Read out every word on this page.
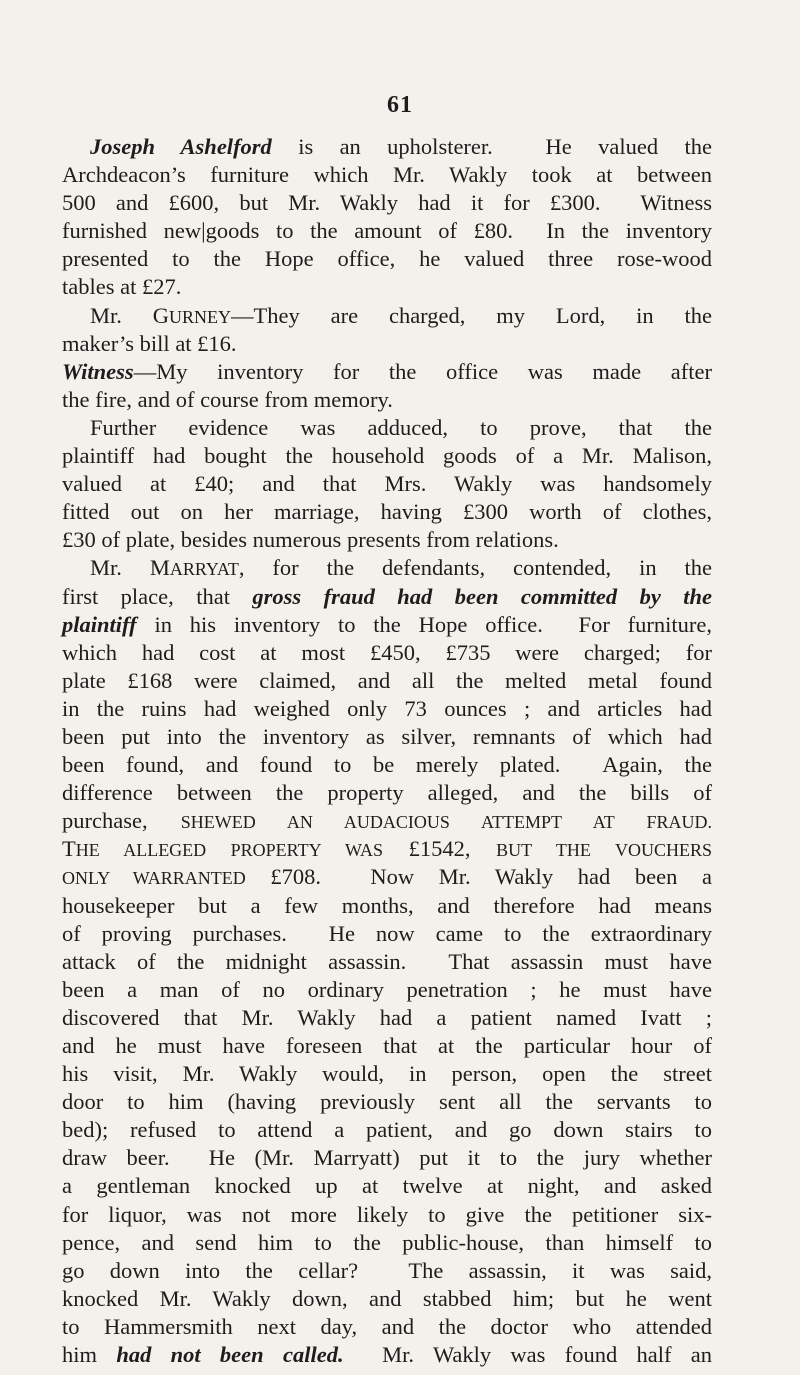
61
Joseph Ashelford is an upholsterer.  He valued the
Archdeacon’s furniture which Mr. Wakly took at between
500 and £600, but Mr. Wakly had it for £300.  Witness
furnished new|goods to the amount of £80.  In the inventory
presented to the Hope office, he valued three rose-wood
tables at £27.
Mr. GURNEY—They are charged, my Lord, in the
maker’s bill at £16.
Witness—My inventory for the office was made after
the fire, and of course from memory.
Further evidence was adduced, to prove, that the
plaintiff had bought the household goods of a Mr. Malison,
valued at £40; and that Mrs. Wakly was handsomely
fitted out on her marriage, having £300 worth of clothes,
£30 of plate, besides numerous presents from relations.
Mr. MARRYAT, for the defendants, contended, in the
first place, that gross fraud had been committed by the
plaintiff in his inventory to the Hope office.  For furniture,
which had cost at most £450, £735 were charged; for
plate £168 were claimed, and all the melted metal found
in the ruins had weighed only 73 ounces ; and articles had
been put into the inventory as silver, remnants of which had
been found, and found to be merely plated.  Again, the
difference between the property alleged, and the bills of
purchase, SHEWED AN AUDACIOUS ATTEMPT AT FRAUD.
THE ALLEGED PROPERTY WAS £1542, BUT THE VOUCHERS
ONLY WARRANTED £708.  Now Mr. Wakly had been a
housekeeper but a few months, and therefore had means
of proving purchases.  He now came to the extraordinary
attack of the midnight assassin.  That assassin must have
been a man of no ordinary penetration ; he must have
discovered that Mr. Wakly had a patient named Ivatt ;
and he must have foreseen that at the particular hour of
his visit, Mr. Wakly would, in person, open the street
door to him (having previously sent all the servants to
bed); refused to attend a patient, and go down stairs to
draw beer.  He (Mr. Marryatt) put it to the jury whether
a gentleman knocked up at twelve at night, and asked
for liquor, was not more likely to give the petitioner six-
pence, and send him to the public-house, than himself to
go down into the cellar?  The assassin, it was said,
knocked Mr. Wakly down, and stabbed him; but he went
to Hammersmith next day, and the doctor who attended
him had not been called.  Mr. Wakly was found half an
